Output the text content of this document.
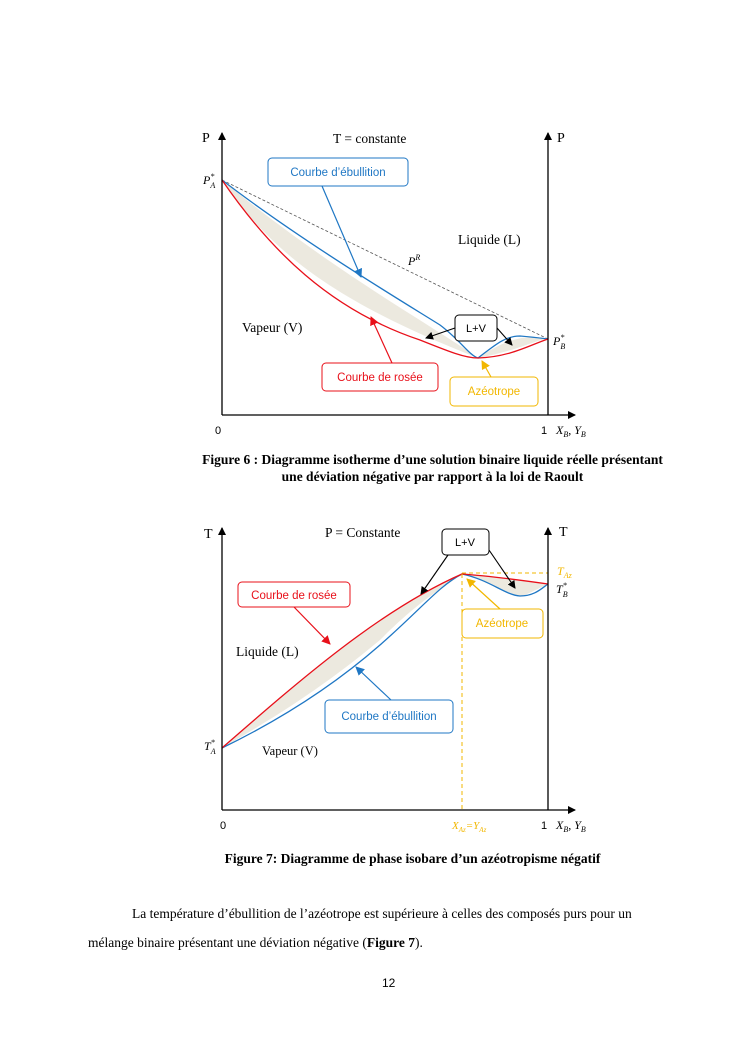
P	P
T = constante
P* A
P* B
$P^R$
Liquide (L)
Vapeur (V)
Courbe d’ébullition
L+V
Courbe de rosée
Azéotrope
0	1 $X_B$, $Y_B$
T	T
P = Constante
T* A
T* B
$T_{Az}$
Liquide (L)
Vapeur (V)
Courbe de rosée
Courbe d’ébullition
L+V
Azéotrope
0	$X_{Az}=Y_{Az}$	1 $X_B$, $Y_B$
Figure 6 : Diagramme isotherme d’une solution binaire liquide réelle présentant
une déviation négative par rapport à la loi de Raoult
Figure 7: Diagramme de phase isobare d’un azéotropisme négatif
La température d’ébullition de l’azéotrope est supérieure à celles des composés purs pour un
mélange binaire présentant une déviation négative (Figure 7).
12
